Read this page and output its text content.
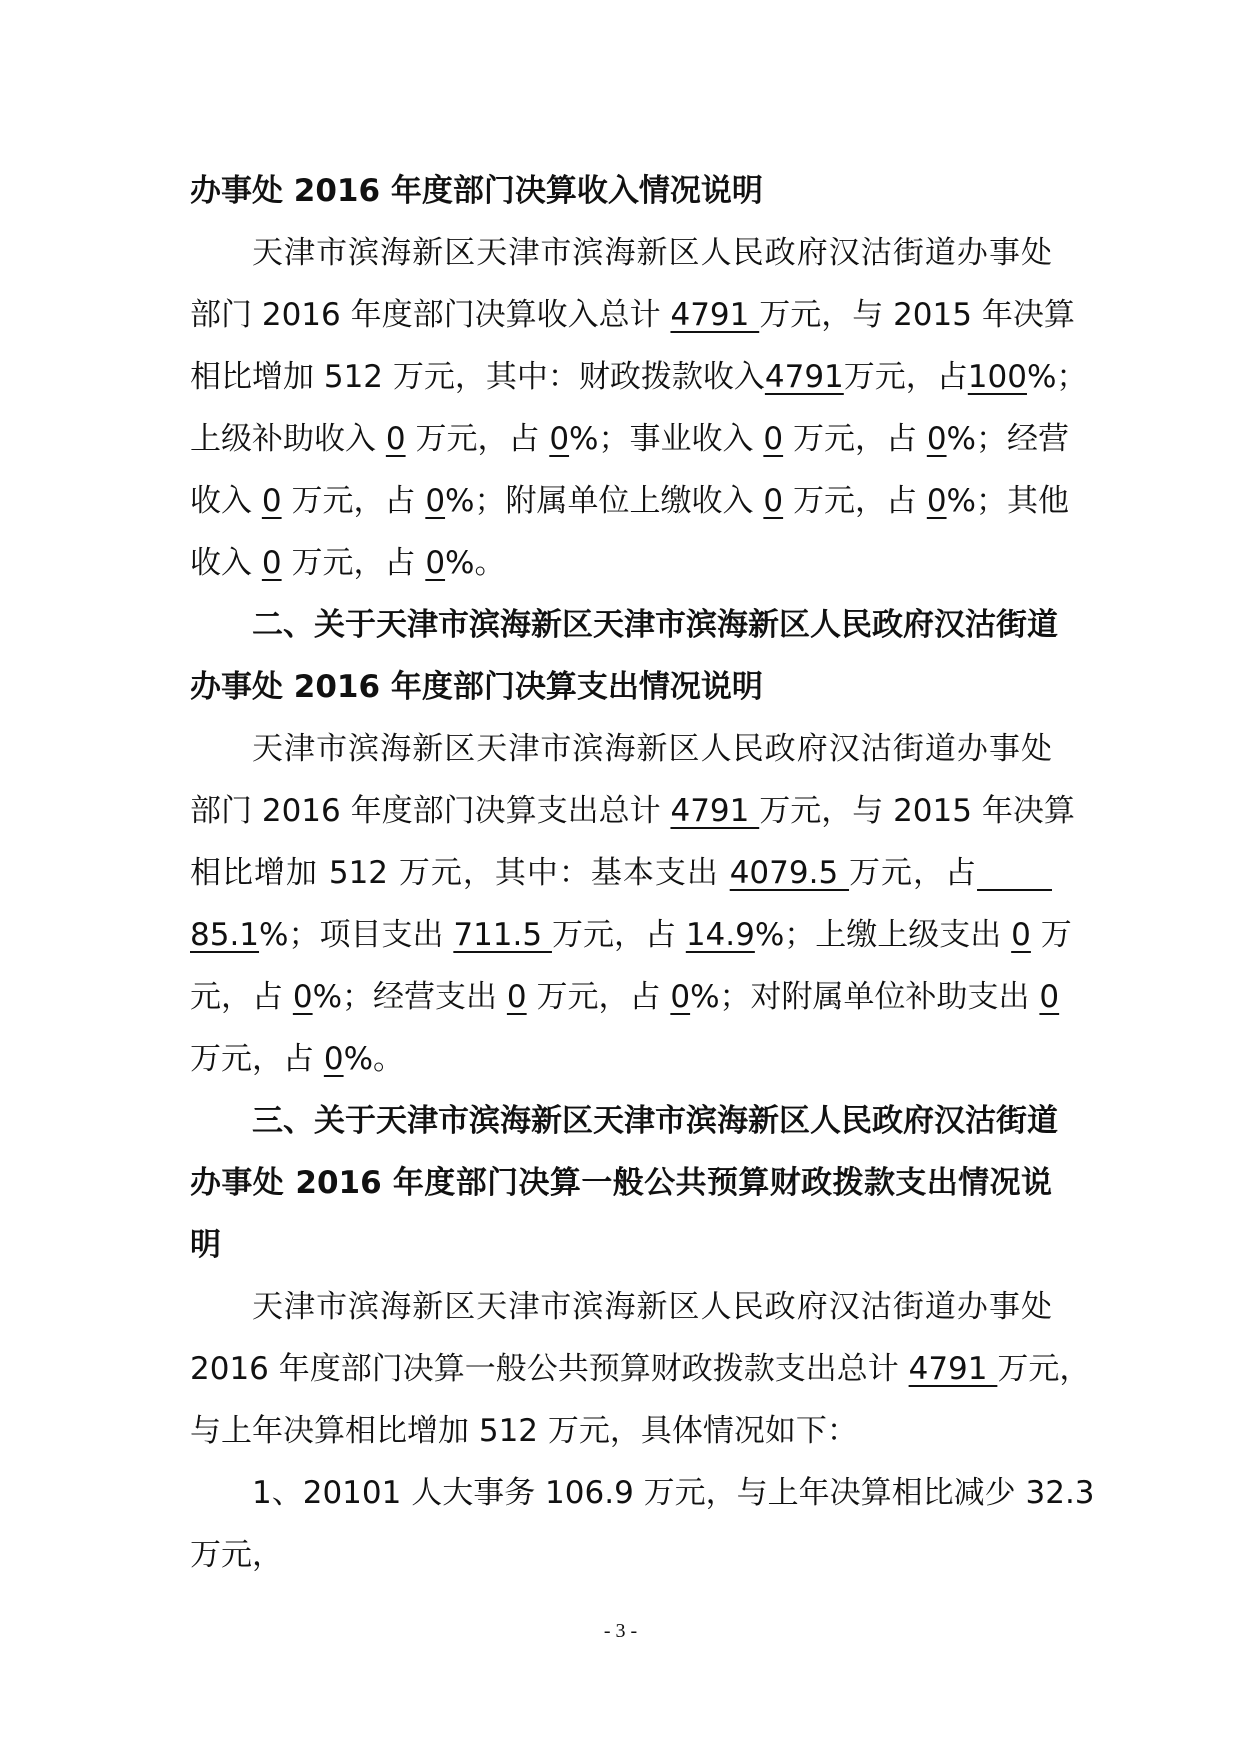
办事处 2016 年度部门决算收入情况说明
天津市滨海新区天津市滨海新区人民政府汉沽街道办事处
部门 2016 年度部门决算收入总计 4791 万元，与 2015 年决算
相比增加 512 万元，其中：财政拨款收入4791万元，占100%；
上级补助收入 0 万元，占 0%；事业收入 0 万元，占 0%；经营
收入 0 万元，占 0%；附属单位上缴收入 0 万元，占 0%；其他
收入 0 万元，占 0%。
二、关于天津市滨海新区天津市滨海新区人民政府汉沽街道
办事处 2016 年度部门决算支出情况说明
天津市滨海新区天津市滨海新区人民政府汉沽街道办事处
部门 2016 年度部门决算支出总计 4791 万元，与 2015 年决算
相比增加 512 万元，其中：基本支出 4079.5 万元，占
85.1%；项目支出 711.5 万元，占 14.9%；上缴上级支出 0 万
元，占 0%；经营支出 0 万元，占 0%；对附属单位补助支出 0
万元，占 0%。
三、关于天津市滨海新区天津市滨海新区人民政府汉沽街道
办事处 2016 年度部门决算一般公共预算财政拨款支出情况说
明
天津市滨海新区天津市滨海新区人民政府汉沽街道办事处
2016 年度部门决算一般公共预算财政拨款支出总计 4791 万元，
与上年决算相比增加 512 万元，具体情况如下：
1、20101 人大事务 106.9 万元，与上年决算相比减少 32.3
万元，
- 3 -
